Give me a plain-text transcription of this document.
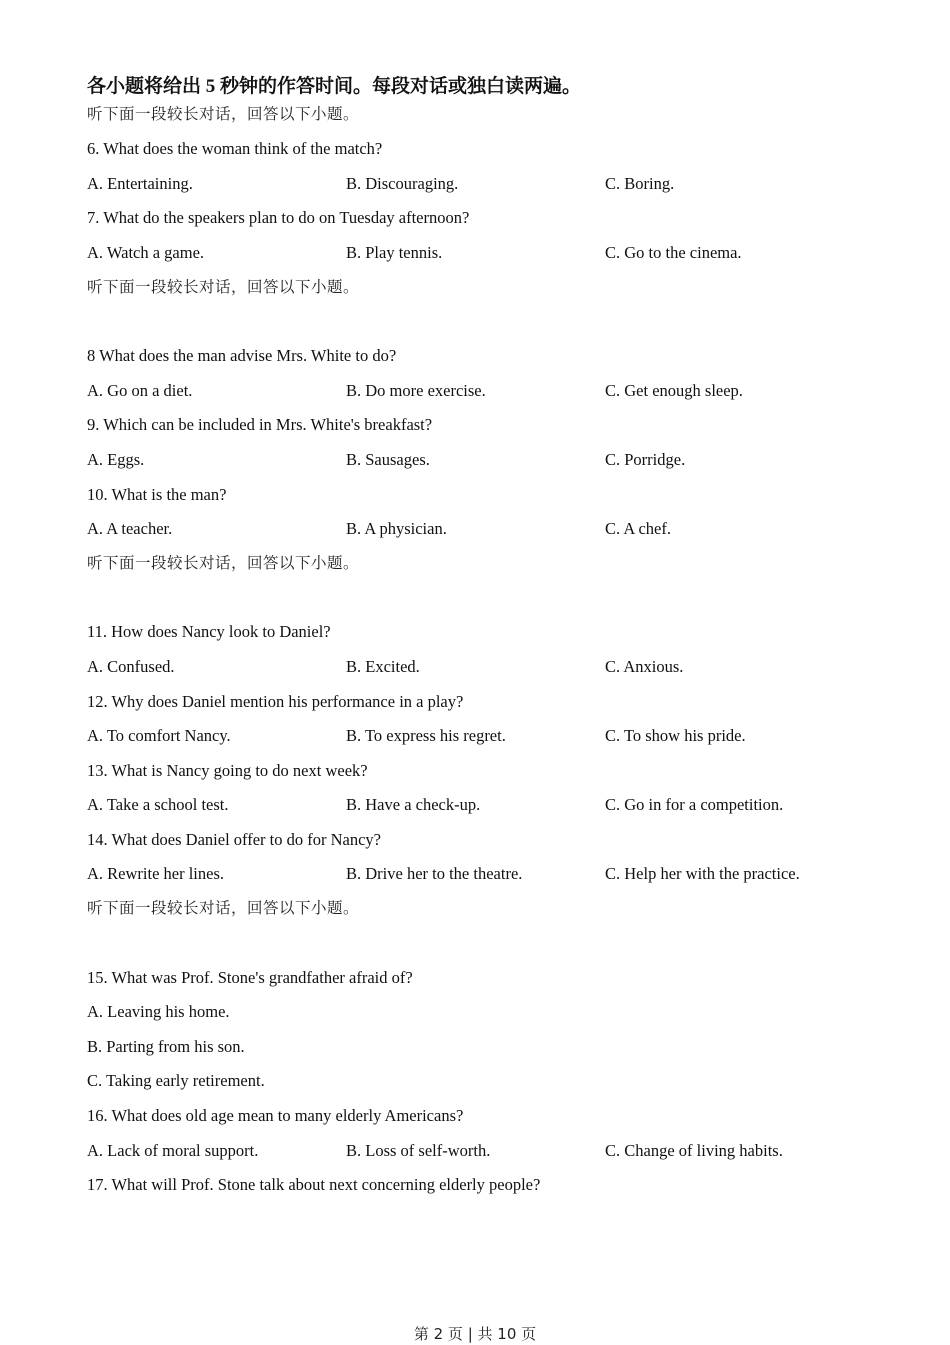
各小题将给出 5 秒钟的作答时间。每段对话或独白读两遍。
听下面一段较长对话，回答以下小题。
6. What does the woman think of the match?
A. Entertaining.	B. Discouraging.	C. Boring.
7. What do the speakers plan to do on Tuesday afternoon?
A. Watch a game.	B. Play tennis.	C. Go to the cinema.
听下面一段较长对话，回答以下小题。
8 What does the man advise Mrs. White to do?
A. Go on a diet.	B. Do more exercise.	C. Get enough sleep.
9. Which can be included in Mrs. White's breakfast?
A. Eggs.	B. Sausages.	C. Porridge.
10. What is the man?
A. A teacher.	B. A physician.	C. A chef.
听下面一段较长对话，回答以下小题。
11. How does Nancy look to Daniel?
A. Confused.	B. Excited.	C. Anxious.
12. Why does Daniel mention his performance in a play?
A. To comfort Nancy.	B. To express his regret.	C. To show his pride.
13. What is Nancy going to do next week?
A. Take a school test.	B. Have a check-up.	C. Go in for a competition.
14. What does Daniel offer to do for Nancy?
A. Rewrite her lines.	B. Drive her to the theatre.	C. Help her with the practice.
听下面一段较长对话，回答以下小题。
15. What was Prof. Stone's grandfather afraid of?
A. Leaving his home.
B. Parting from his son.
C. Taking early retirement.
16. What does old age mean to many elderly Americans?
A. Lack of moral support.	B. Loss of self-worth.	C. Change of living habits.
17. What will Prof. Stone talk about next concerning elderly people?
第 2 页 | 共 10 页
